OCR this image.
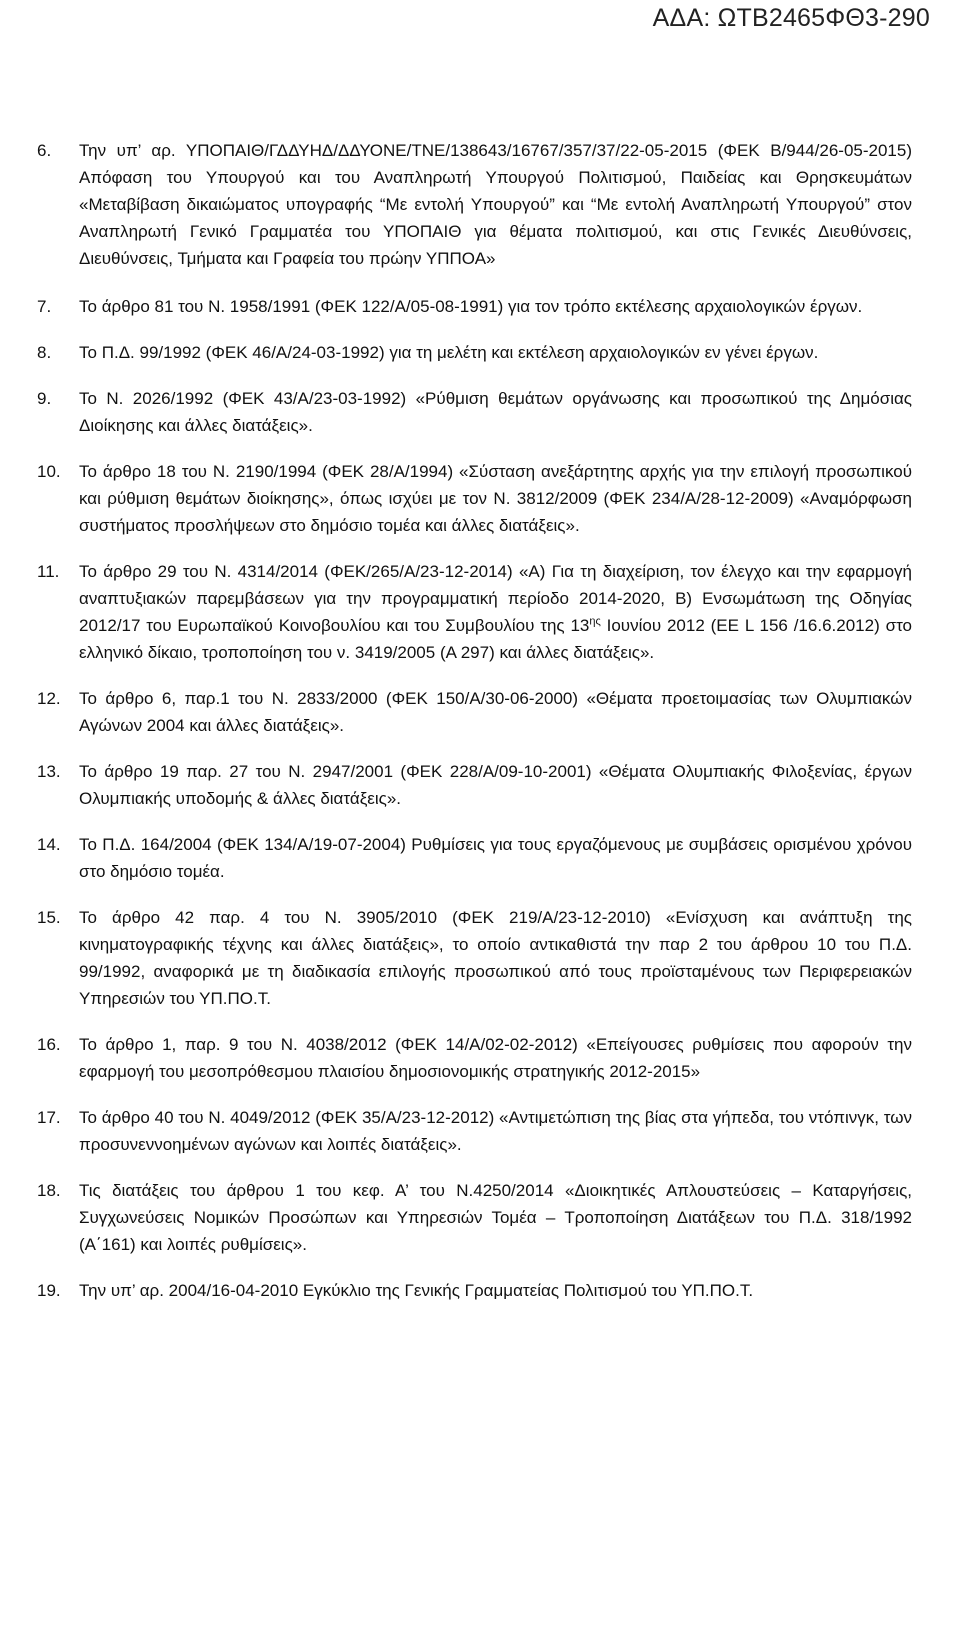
ΑΔΑ: ΩΤΒ2465ΦΘ3-290
6.	Την υπ’ αρ. ΥΠΟΠΑΙΘ/ΓΔΔΥΗΔ/ΔΔΥΟΝΕ/ΤΝΕ/138643/16767/357/37/22-05-2015 (ΦΕΚ Β/944/26-05-2015) Απόφαση του Υπουργού και του Αναπληρωτή Υπουργού Πολιτισμού, Παιδείας και Θρησκευμάτων «Μεταβίβαση δικαιώματος υπογραφής “Με εντολή Υπουργού” και “Με εντολή Αναπληρωτή Υπουργού” στον Αναπληρωτή Γενικό Γραμματέα του ΥΠΟΠΑΙΘ για θέματα πολιτισμού, και στις Γενικές Διευθύνσεις, Διευθύνσεις, Τμήματα και Γραφεία του πρώην ΥΠΠΟΑ»
7.	Το άρθρο 81 του Ν. 1958/1991 (ΦΕΚ 122/Α/05-08-1991) για τον τρόπο εκτέλεσης αρχαιολογικών έργων.
8.	Το Π.Δ. 99/1992 (ΦΕΚ 46/Α/24-03-1992) για τη μελέτη και εκτέλεση αρχαιολογικών εν γένει έργων.
9.	Το Ν. 2026/1992 (ΦΕΚ 43/Α/23-03-1992) «Ρύθμιση θεμάτων οργάνωσης και προσωπικού της Δημόσιας Διοίκησης και άλλες διατάξεις».
10.	Το άρθρο 18 του Ν. 2190/1994 (ΦΕΚ 28/Α/1994) «Σύσταση ανεξάρτητης αρχής για την επιλογή προσωπικού και ρύθμιση θεμάτων διοίκησης», όπως ισχύει με τον Ν. 3812/2009 (ΦΕΚ 234/Α/28-12-2009) «Αναμόρφωση συστήματος προσλήψεων στο δημόσιο τομέα και άλλες διατάξεις».
11.	Το άρθρο 29 του Ν. 4314/2014 (ΦΕΚ/265/Α/23-12-2014) «Α) Για τη διαχείριση, τον έλεγχο και την εφαρμογή αναπτυξιακών παρεμβάσεων για την προγραμματική περίοδο 2014-2020, Β) Ενσωμάτωση της Οδηγίας 2012/17 του Ευρωπαϊκού Κοινοβουλίου και του Συμβουλίου της $13^{\eta\varsigma}$ Ιουνίου 2012 (ΕΕ L 156 /16.6.2012) στο ελληνικό δίκαιο, τροποποίηση του ν. 3419/2005 (Α 297) και άλλες διατάξεις».
12.	Το άρθρο 6, παρ.1 του Ν. 2833/2000 (ΦΕΚ 150/Α/30-06-2000) «Θέματα προετοιμασίας των Ολυμπιακών Αγώνων 2004 και άλλες διατάξεις».
13.	Το άρθρο 19 παρ. 27 του Ν. 2947/2001 (ΦΕΚ 228/Α/09-10-2001) «Θέματα Ολυμπιακής Φιλοξενίας, έργων Ολυμπιακής υποδομής & άλλες διατάξεις».
14.	Το Π.Δ. 164/2004 (ΦΕΚ 134/Α/19-07-2004) Ρυθμίσεις για τους εργαζόμενους με συμβάσεις ορισμένου χρόνου στο δημόσιο τομέα.
15.	Το άρθρο 42 παρ. 4 του Ν. 3905/2010 (ΦΕΚ 219/Α/23-12-2010) «Ενίσχυση και ανάπτυξη της κινηματογραφικής τέχνης και άλλες διατάξεις», το οποίο αντικαθιστά την παρ 2 του άρθρου 10 του Π.Δ. 99/1992, αναφορικά με τη διαδικασία επιλογής προσωπικού από τους προϊσταμένους των Περιφερειακών Υπηρεσιών του ΥΠ.ΠΟ.Τ.
16.	Το άρθρο 1, παρ. 9 του Ν. 4038/2012 (ΦΕΚ 14/Α/02-02-2012) «Επείγουσες ρυθμίσεις που αφορούν την εφαρμογή του μεσοπρόθεσμου πλαισίου δημοσιονομικής στρατηγικής 2012-2015»
17.	Το άρθρο 40 του Ν. 4049/2012 (ΦΕΚ 35/Α/23-12-2012) «Αντιμετώπιση της βίας στα γήπεδα, του ντόπινγκ, των προσυνεννοημένων αγώνων και λοιπές διατάξεις».
18.	Τις διατάξεις του άρθρου 1 του κεφ. Α’ του Ν.4250/2014 «Διοικητικές Απλουστεύσεις – Καταργήσεις, Συγχωνεύσεις Νομικών Προσώπων και Υπηρεσιών Τομέα – Τροποποίηση Διατάξεων του Π.Δ. 318/1992 (Α΄161) και λοιπές ρυθμίσεις».
19.	Την υπ’ αρ. 2004/16-04-2010 Εγκύκλιο της Γενικής Γραμματείας Πολιτισμού του ΥΠ.ΠΟ.Τ.
